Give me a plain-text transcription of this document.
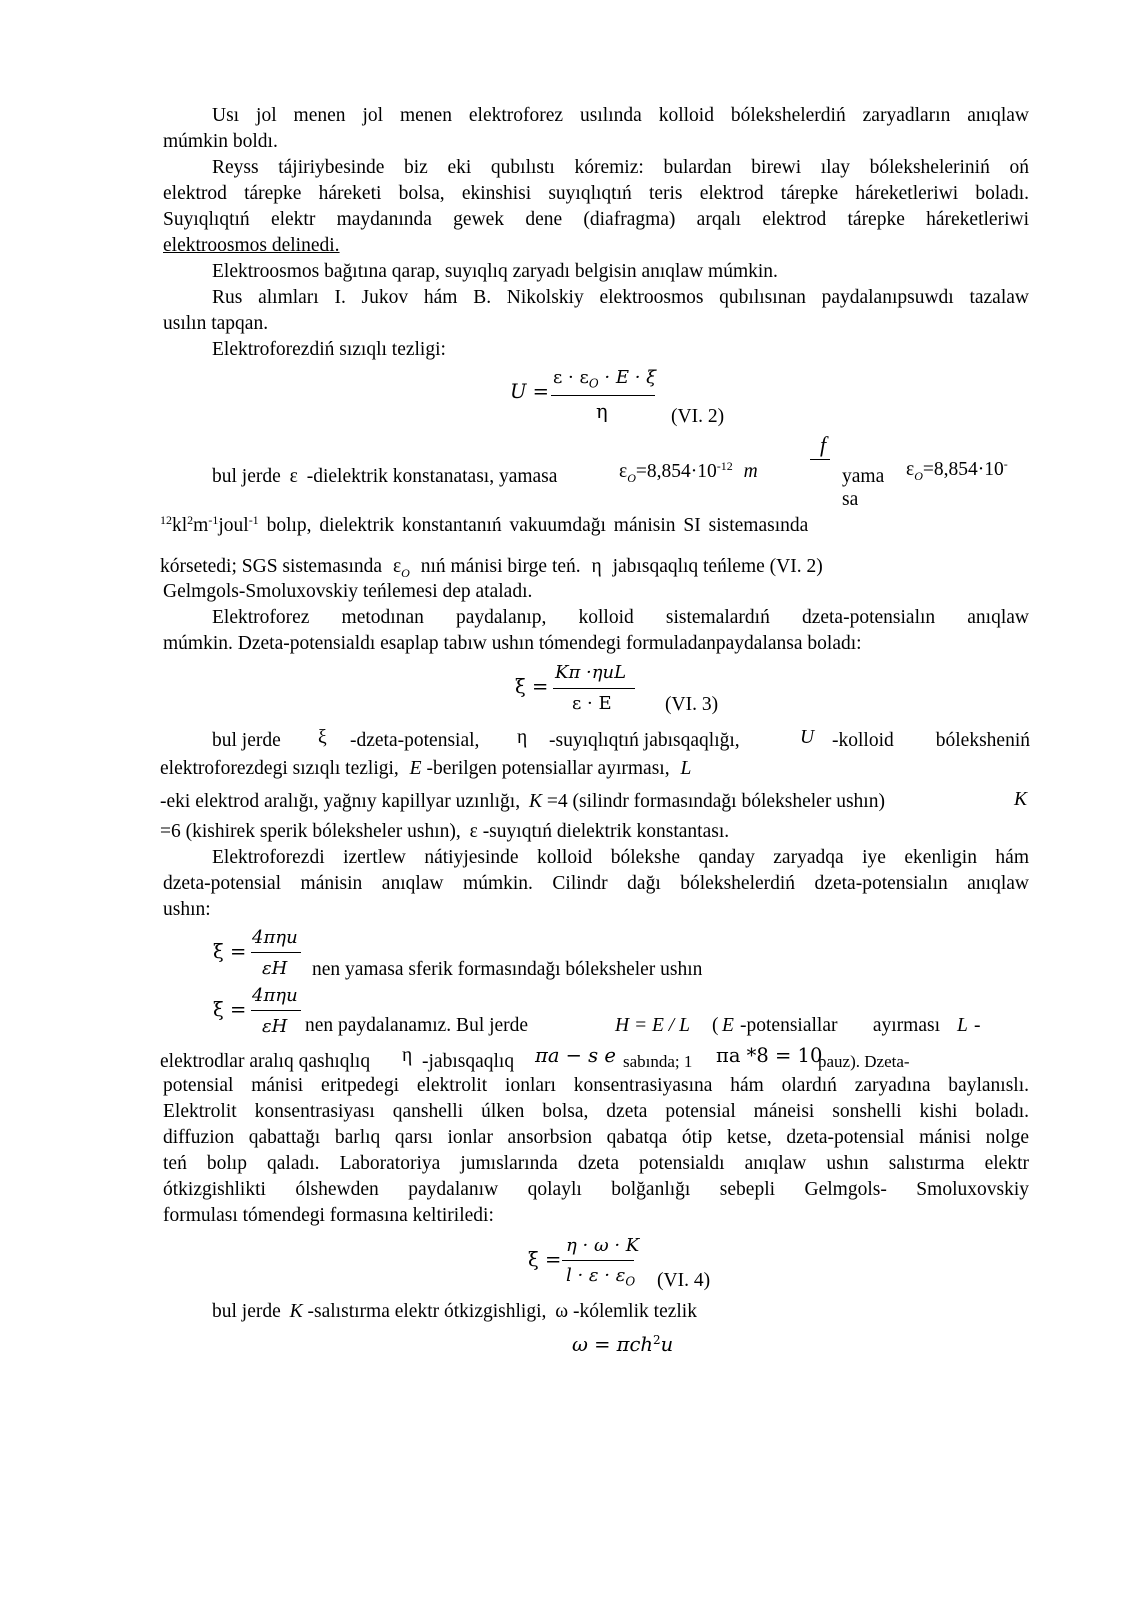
Usı jol menen jol menen elektroforez usılında kolloid bólekshelerdiń zaryadların anıqlaw
múmkin boldı.
Reyss tájiriybesinde biz eki qubılıstı kóremiz: bulardan birewi ılay bóleksheleriniń oń
elektrod tárepke háreketi bolsa, ekinshisi suyıqlıqtıń teris elektrod tárepke háreketleriwi boladı.
Suyıqlıqtıń elektr maydanında gewek dene (diafragma) arqalı elektrod tárepke háreketleriwi
elektroosmos delinedi.
Elektroosmos bağıtına qarap, suyıqlıq zaryadı belgisin anıqlaw múmkin.
Rus alımları I. Jukov hám B. Nikolskiy elektroosmos qubılısınan paydalanıpsuwdı tazalaw
usılın tapqan.
Elektroforezdiń sızıqlı tezligi:
U =
$\varepsilon \cdot \varepsilon_O \cdot E \cdot \xi$
η	(VI. 2)
bul jerde ε -dielektrik konstanatası, yamasa	$\varepsilon_O=8,854\cdot 10^{-12}$ m
f
yama
sa
$\varepsilon_O=8,854\cdot 10^-$
$^{12}kl^2m^{-1}joul^{-1}$ bolıp, dielektrik konstantanıń vakuumdağı mánisin SI sistemasında
kórsetedi; SGS sistemasında $\varepsilon_O$ nıń mánisi birge teń. η jabısqaqlıq teńleme (VI. 2)
Gelmgols-Smoluxovskiy teńlemesi dep ataladı.
Elektroforez metodınan paydalanıp, kolloid sistemalardıń dzeta-potensialın anıqlaw
múmkin. Dzeta-potensialdı esaplap tabıw ushın tómendegi formuladanpaydalansa boladı:
ξ =
Kπ ·ηuL
ε · E	(VI. 3)
bul jerde ξ -dzeta-potensial, η -suyıqlıqtıń jabısqaqlığı,	U -kolloid bóleksheniń
elektroforezdegi sızıqlı tezligi, E -berilgen potensiallar ayırması, L
-eki elektrod aralığı, yağnıy kapillyar uzınlığı, K =4 (silindr formasındağı bóleksheler ushın)	K
=6 (kishirek sperik bóleksheler ushın), ε -suyıqtıń dielektrik konstantası.
Elektroforezdi izertlew nátiyjesinde kolloid bólekshe qanday zaryadqa iye ekenligin hám
dzeta-potensial mánisin anıqlaw múmkin. Cilindr dağı bólekshelerdiń dzeta-potensialın anıqlaw
ushın:
ξ =
4πηu
εH nen yamasa sferik formasındağı bóleksheler ushın
ξ =
4πηu
εH nen paydalanamız. Bul jerde	H = E / L ( E -potensiallar ayırması L -
elektrodlar aralıq qashıqlıq η -jabısqaqlıq πa − s e sabında; 1 πa *8 = 10
pauz). Dzeta-
potensial mánisi eritpedegi elektrolit ionları konsentrasiyasına hám olardıń zaryadına baylanıslı.
Elektrolit konsentrasiyası qanshelli úlken bolsa, dzeta potensial máneisi sonshelli kishi boladı.
diffuzion qabattağı barlıq qarsı ionlar ansorbsion qabatqa ótip ketse, dzeta-potensial mánisi nolge
teń bolıp qaladı. Laboratoriya jumıslarında dzeta potensialdı anıqlaw ushın salıstırma elektr
ótkizgishlikti ólshewden paydalanıw qolaylı bolğanlığı sebepli Gelmgols- Smoluxovskiy
formulası tómendegi formasına keltiriledi:
ξ =
η · ω · K
$l \cdot \varepsilon \cdot \varepsilon_O$ (VI. 4)
bul jerde K -salıstırma elektr ótkizgishligi, ω -kólemlik tezlik
ω = πch$^2$u
